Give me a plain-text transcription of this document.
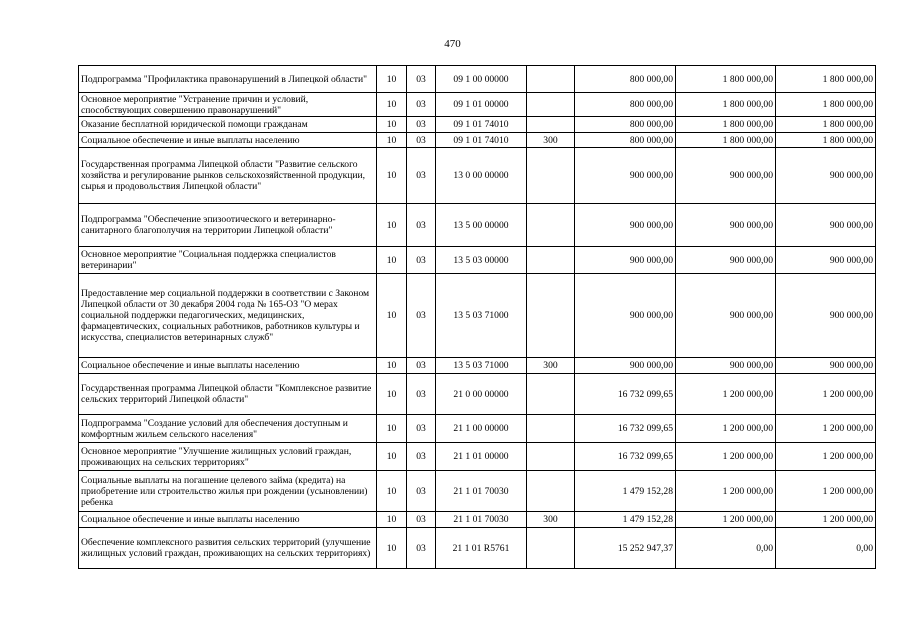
470
Подпрограмма "Профилактика правонарушений в Липецкой области"	10	03	09 1 00 00000		800 000,00	1 800 000,00	1 800 000,00
Основное мероприятие "Устранение причин и условий, способствующих совершению правонарушений"	10	03	09 1 01 00000		800 000,00	1 800 000,00	1 800 000,00
Оказание бесплатной юридической помощи гражданам	10	03	09 1 01 74010		800 000,00	1 800 000,00	1 800 000,00
Социальное обеспечение и иные выплаты населению	10	03	09 1 01 74010	300	800 000,00	1 800 000,00	1 800 000,00
Государственная программа Липецкой области "Развитие сельского хозяйства и регулирование рынков сельскохозяйственной продукции, сырья и продовольствия Липецкой области"	10	03	13 0 00 00000		900 000,00	900 000,00	900 000,00
Подпрограмма "Обеспечение эпизоотического и ветеринарно-санитарного благополучия на территории Липецкой области"	10	03	13 5 00 00000		900 000,00	900 000,00	900 000,00
Основное мероприятие "Социальная поддержка специалистов ветеринарии"	10	03	13 5 03 00000		900 000,00	900 000,00	900 000,00
Предоставление мер социальной поддержки в соответствии с Законом Липецкой области от 30 декабря 2004 года № 165-ОЗ "О мерах социальной поддержки педагогических, медицинских, фармацевтических, социальных работников, работников культуры и искусства, специалистов ветеринарных служб"	10	03	13 5 03 71000		900 000,00	900 000,00	900 000,00
Социальное обеспечение и иные выплаты населению	10	03	13 5 03 71000	300	900 000,00	900 000,00	900 000,00
Государственная программа Липецкой области "Комплексное развитие сельских территорий Липецкой области"	10	03	21 0 00 00000		16 732 099,65	1 200 000,00	1 200 000,00
Подпрограмма "Создание условий для обеспечения доступным и комфортным жильем сельского населения"	10	03	21 1 00 00000		16 732 099,65	1 200 000,00	1 200 000,00
Основное мероприятие "Улучшение жилищных условий граждан, проживающих на сельских территориях"	10	03	21 1 01 00000		16 732 099,65	1 200 000,00	1 200 000,00
Социальные выплаты на погашение целевого займа (кредита) на приобретение или строительство жилья при рождении (усыновлении) ребенка	10	03	21 1 01 70030		1 479 152,28	1 200 000,00	1 200 000,00
Социальное обеспечение и иные выплаты населению	10	03	21 1 01 70030	300	1 479 152,28	1 200 000,00	1 200 000,00
Обеспечение комплексного развития сельских территорий (улучшение жилищных условий граждан, проживающих на сельских территориях)	10	03	21 1 01 R5761		15 252 947,37	0,00	0,00
